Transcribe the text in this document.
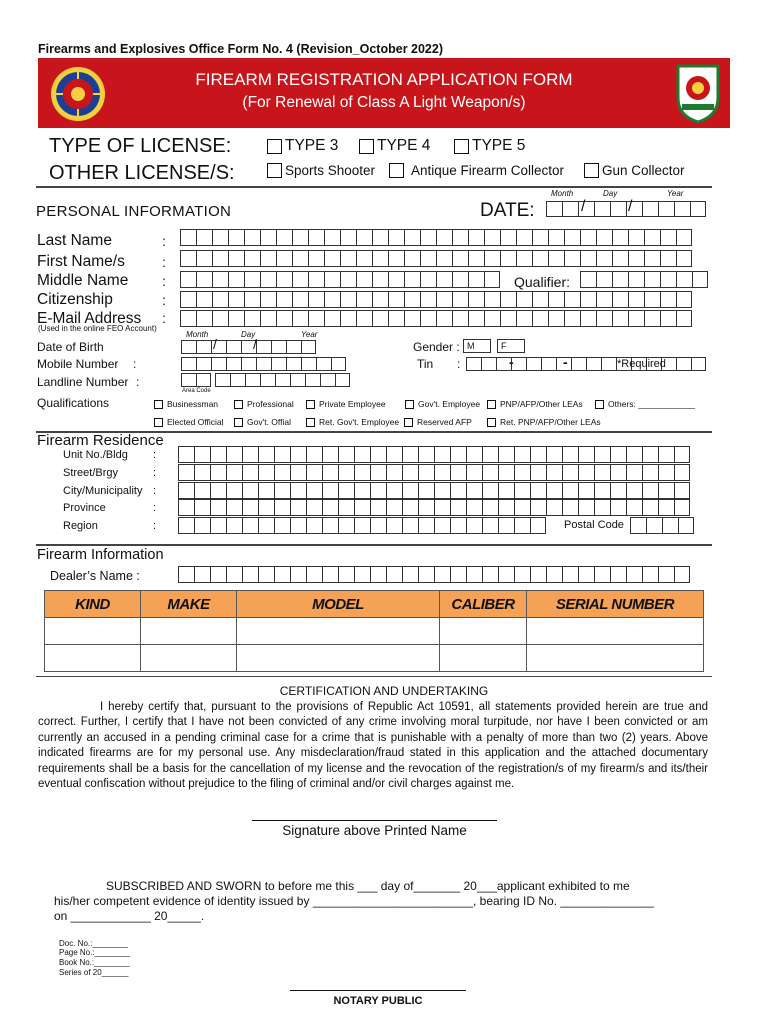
Firearms and Explosives Office Form No. 4 (Revision_October 2022)
FIREARM REGISTRATION APPLICATION FORM
(For Renewal of Class A Light Weapon/s)
TYPE OF LICENSE:	TYPE 3 TYPE 4	TYPE 5
OTHER LICENSE/S:	Sports Shooter	Antique Firearm Collector	Gun Collector
PERSONAL INFORMATION	DATE:
Month	Day	Year
/	/
Last Name	:
First Name/s	:
Middle Name :	Qualifier:
Citizenship	:
E-Mail Address :
(Used in the online FEO Account)
Month	Day	Year
Date of Birth	/	/	Gender : M	F
Mobile Number :	Tin :	-	-	*Required
Landline Number :
Area Code
Qualifications	Businessman	Professional	Private Employee	Gov't. Employee PNP/AFP/Other LEAs	Others: ____________
Elected Official	Gov't. Offial	Ret. Gov't. Employee Reserved AFP	Ret. PNP/AFP/Other LEAs
Firearm Residence
Unit No./Bldg :
Street/Brgy	:
City/Municipality :
Province	:
Region	:	Postal Code
Firearm Information
Dealer’s Name :
KIND	MAKE	MODEL	CALIBER	SERIAL NUMBER

CERTIFICATION AND UNDERTAKING
I hereby certify that, pursuant to the provisions of Republic Act 10591, all statements provided herein are true and correct. Further, I certify that I have not been convicted of any crime involving moral turpitude, nor have I been convicted or am currently an accused in a pending criminal case for a crime that is punishable with a penalty of more than two (2) years. Above indicated firearms are for my personal use. Any misdeclaration/fraud stated in this application and the attached documentary requirements shall be a basis for the cancellation of my license and the revocation of the registration/s of my firearm/s and its/their eventual confiscation without prejudice to the filing of criminal and/or civil charges against me.
Signature above Printed Name
SUBSCRIBED AND SWORN to before me this ___ day of_______ 20___applicant exhibited to me
his/her competent evidence of identity issued by ________________________, bearing ID No. ______________
on ____________ 20_____.
Doc. No.:________
Page No.:________
Book No.:________
Series of 20______
NOTARY PUBLIC
